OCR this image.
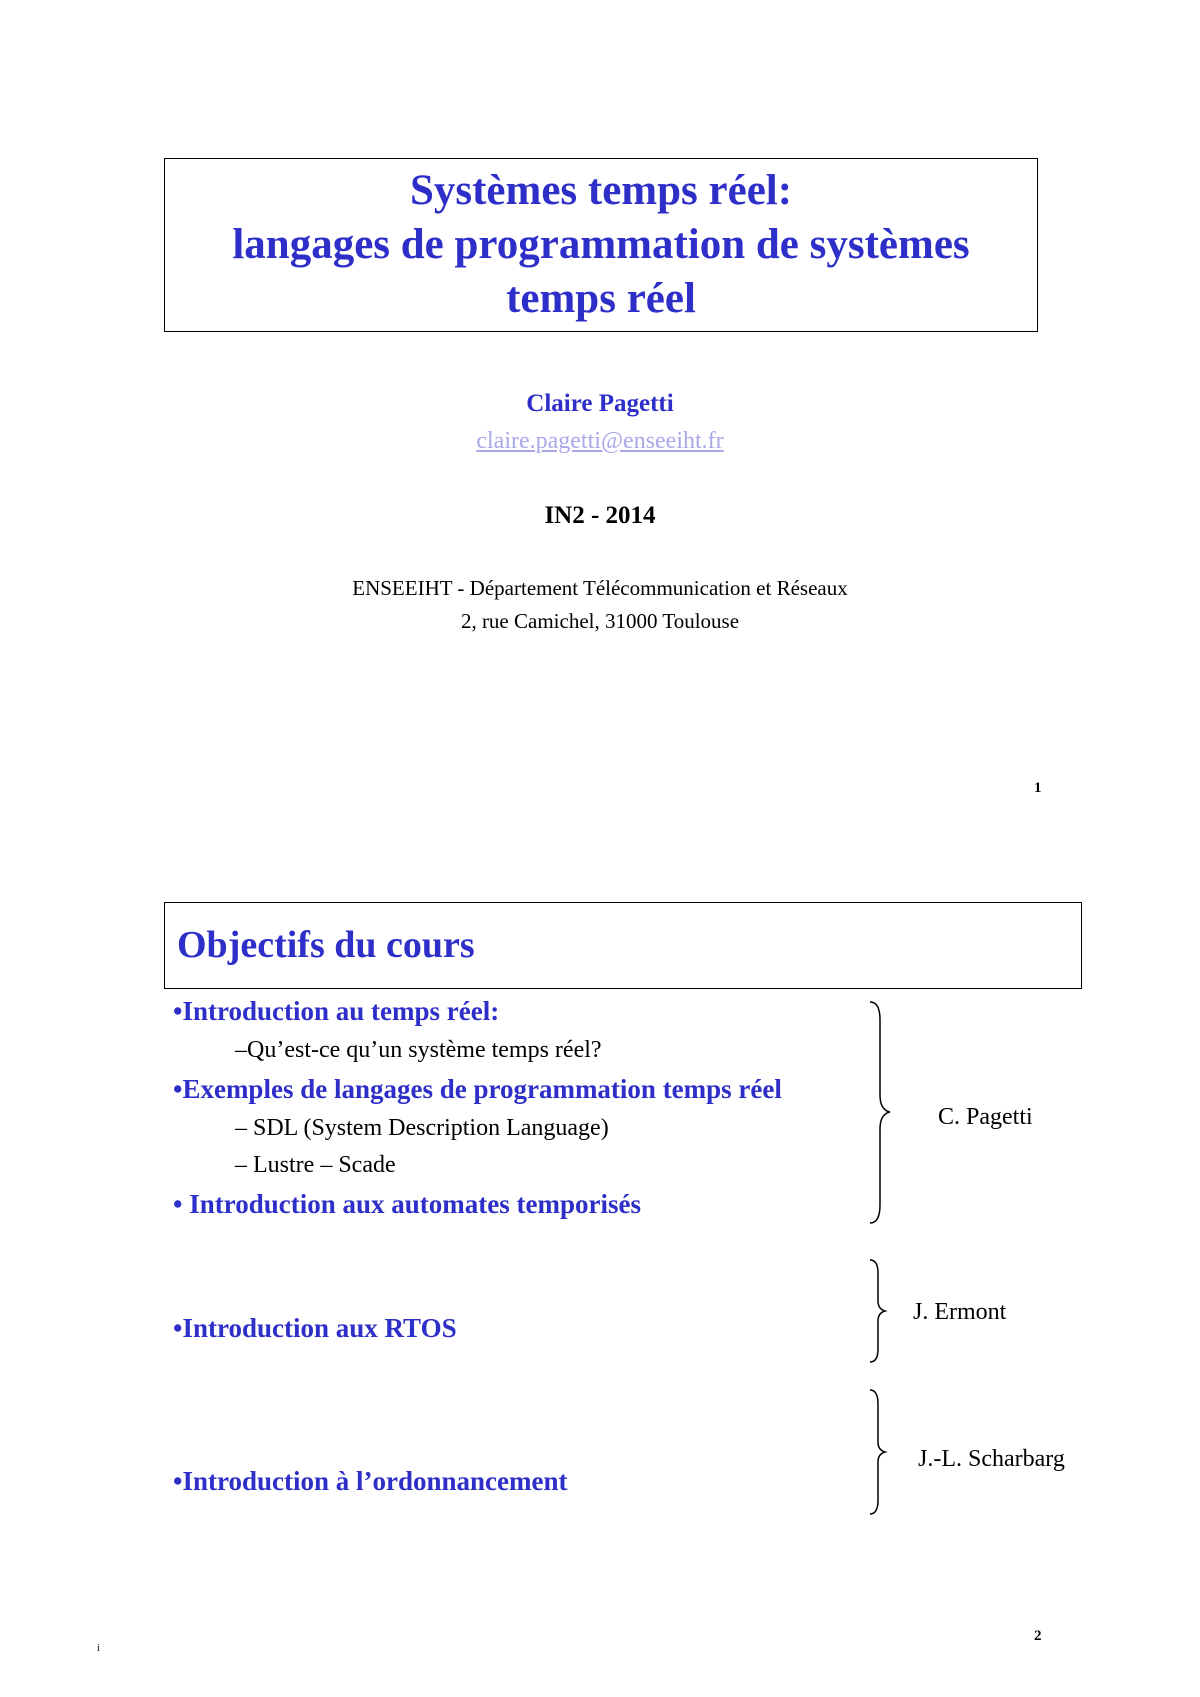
Systèmes temps réel:
langages de programmation de systèmes
temps réel
Claire Pagetti
claire.pagetti@enseeiht.fr
IN2 - 2014
ENSEEIHT - Département Télécommunication et Réseaux
2, rue Camichel, 31000 Toulouse
1
Objectifs du cours
•Introduction au temps réel:
–Qu’est-ce qu’un système temps réel?
•Exemples de langages de programmation temps réel
– SDL (System Description Language)
– Lustre – Scade
• Introduction aux automates temporisés
•Introduction aux RTOS
•Introduction à l’ordonnancement
C. Pagetti
J. Ermont
J.-L. Scharbarg
2
i
